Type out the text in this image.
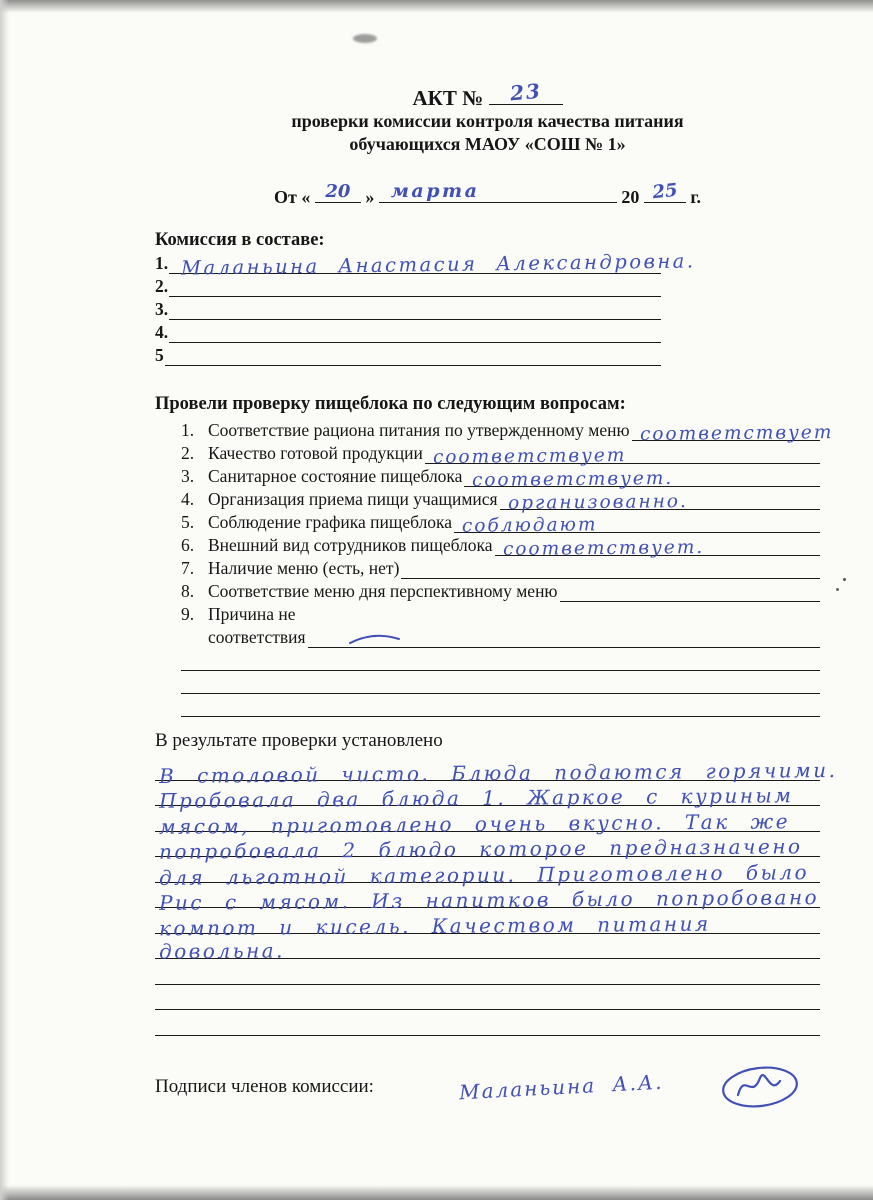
АКТ №	23
проверки комиссии контроля качества питания
обучающихся МАОУ «СОШ № 1»
От « 20 » марта	20 25 г.
Комиссия в составе:
1. Маланьина Анастасия Александровна.
2.
3.
4.
5
Провели проверку пищеблока по следующим вопросам:
1. Соответствие рациона питания по утвержденному меню соответствует
2. Качество готовой продукции соответствует
3. Санитарное состояние пищеблока соответствует.
4. Организация приема пищи учащимися организованно.
5. Соблюдение графика пищеблока соблюдают
6. Внешний вид сотрудников пищеблока соответствует.
7. Наличие меню (есть, нет)
8. Соответствие меню дня перспективному меню
9. Причина не
соответствия
В результате проверки установлено
В столовой чисто. Блюда подаются горячими.
Пробовала два блюда 1. Жаркое с куриным
мясом, приготовлено очень вкусно. Так же
попробовала 2 блюдо которое предназначено
для льготной категории. Приготовлено было
Рис с мясом. Из напитков было попробовано
компот и кисель. Качеством питания
довольна.
Подписи членов комиссии:	Маланьина А.А.
